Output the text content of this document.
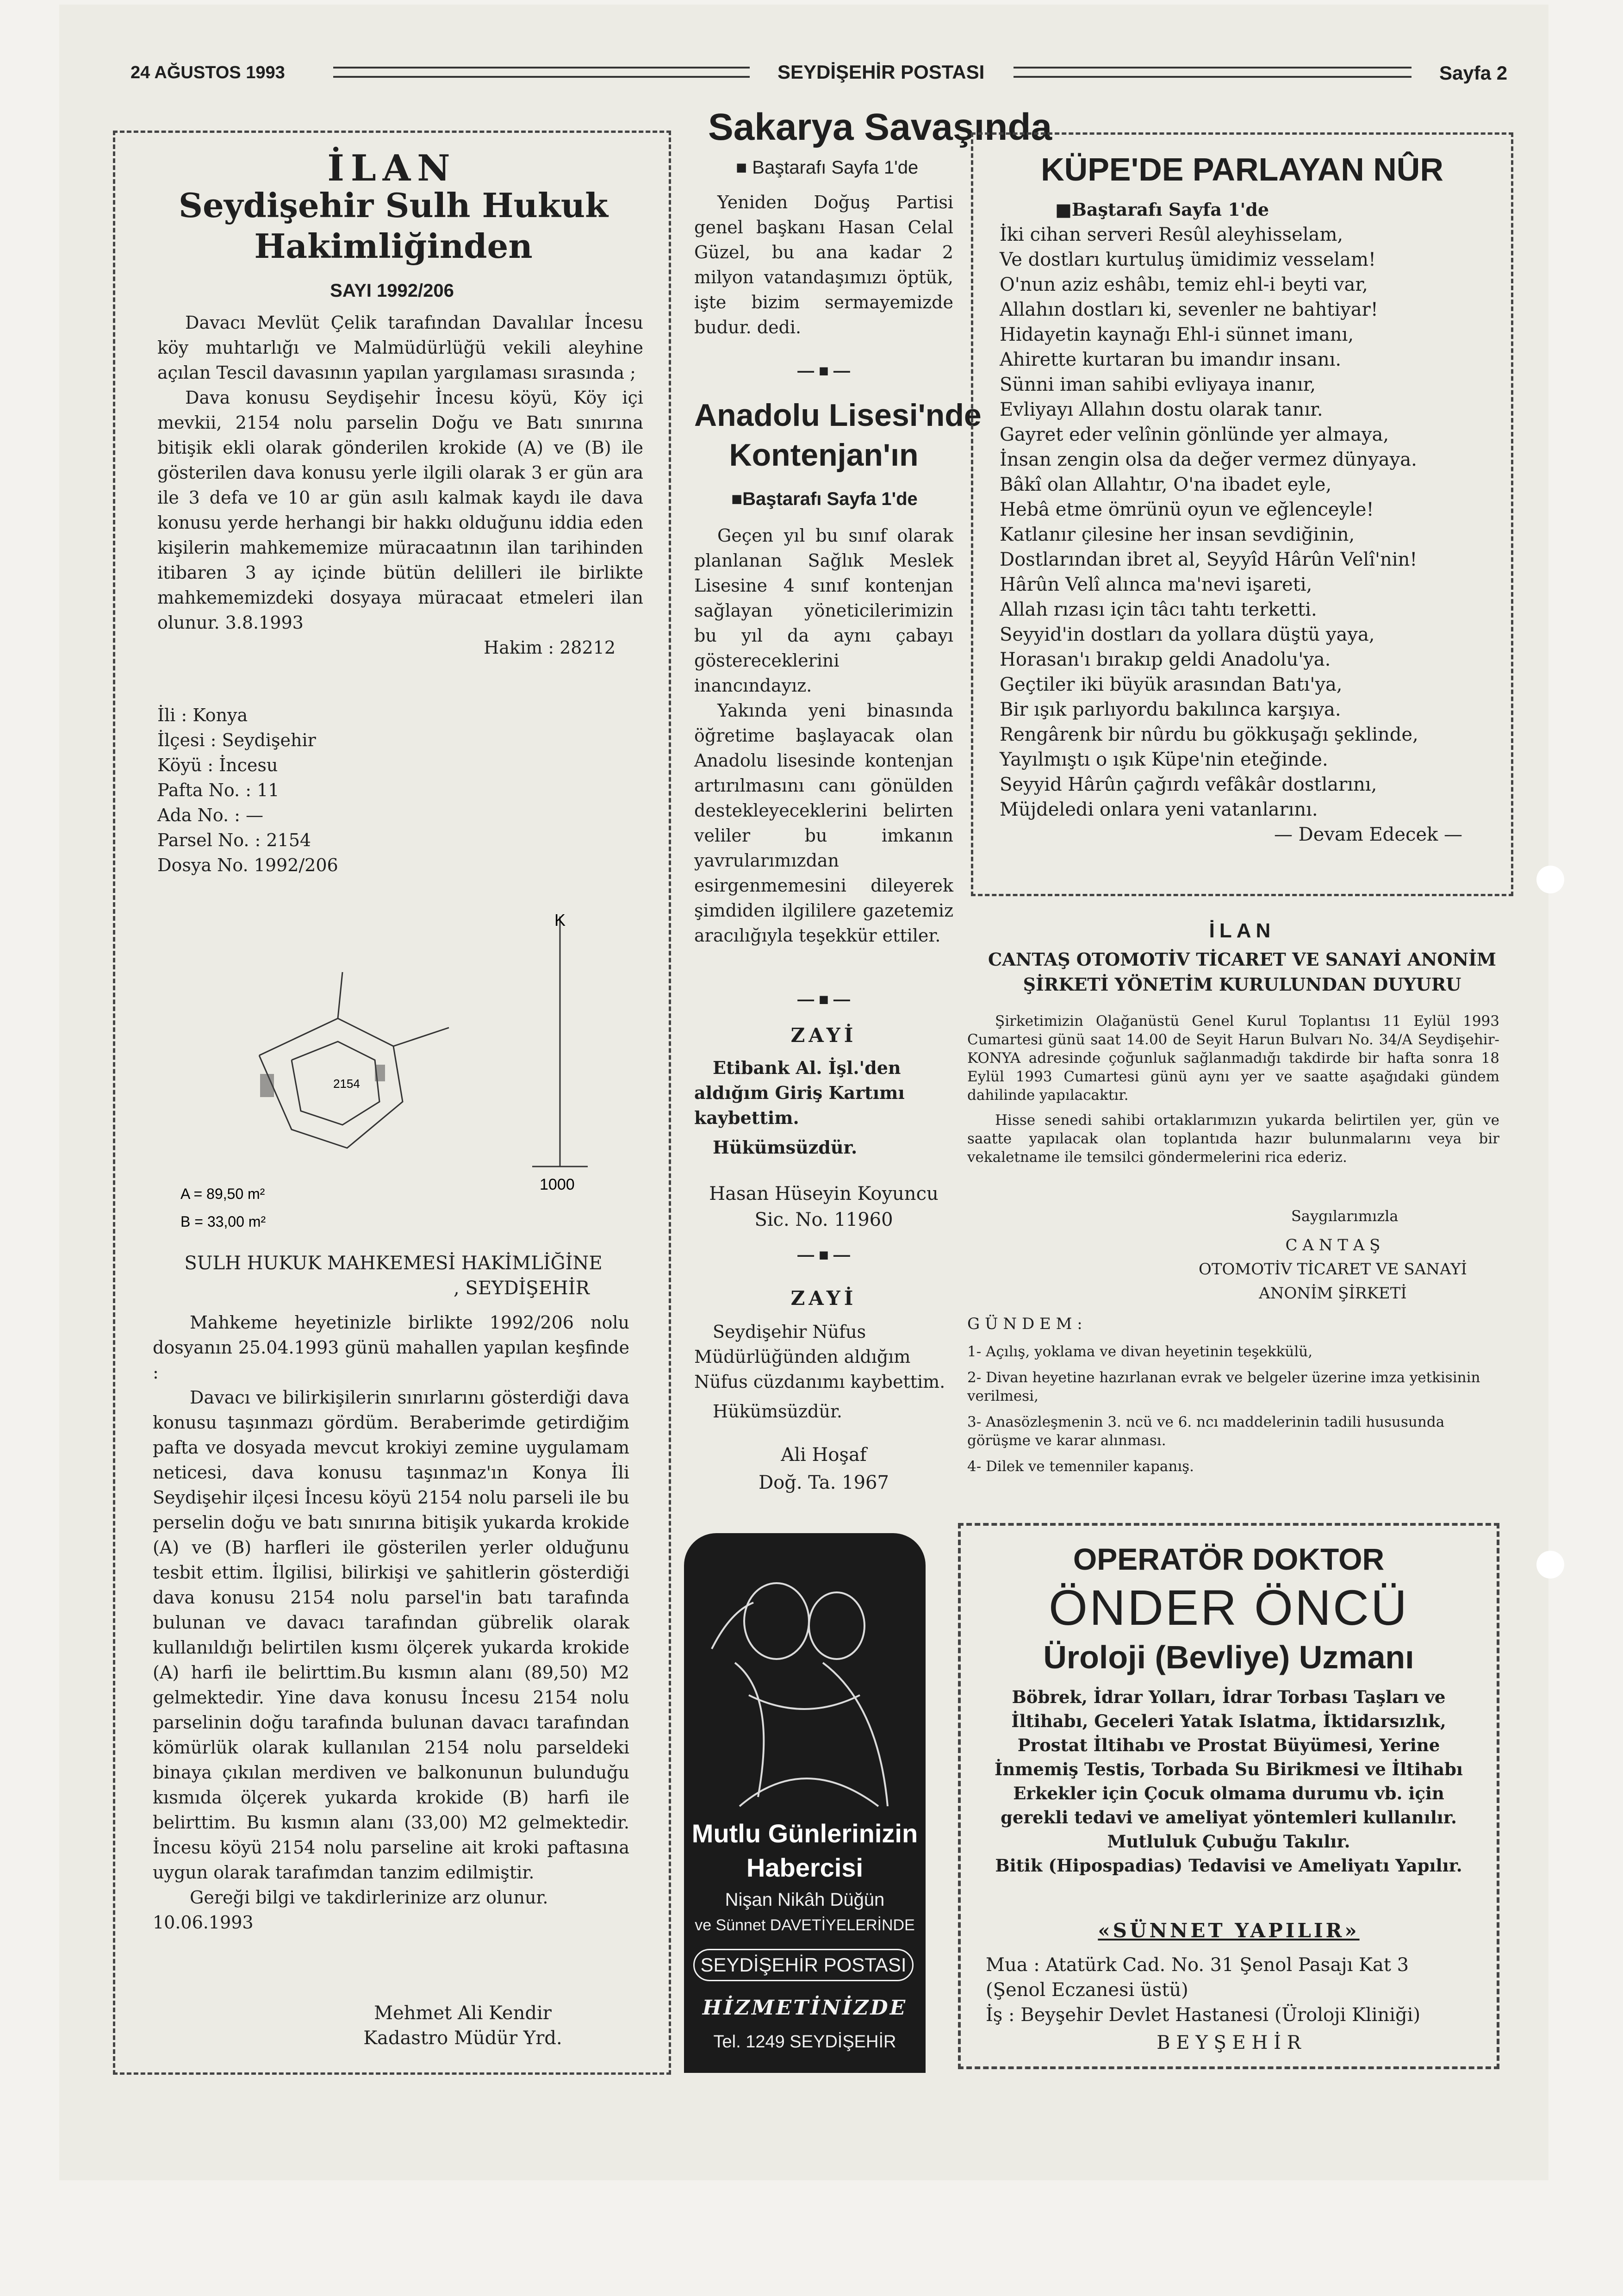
24 AĞUSTOS 1993	SEYDİŞEHİR POSTASI	Sayfa 2
İLAN
Seydişehir Sulh Hukuk Hakimliğinden
SAYI 1992/206

Davacı Mevlüt Çelik tarafından Davalılar İncesu köy muhtarlığı ve Malmüdürlüğü vekili aleyhine açılan Tescil davasının yapılan yargılaması sırasında ;

Dava konusu Seydişehir İncesu köyü, Köy içi mevkii, 2154 nolu parselin Doğu ve Batı sınırına bitişik ekli olarak gönderilen krokide (A) ve (B) ile gösterilen dava konusu yerle ilgili olarak 3 er gün ara ile 3 defa ve 10 ar gün asılı kalmak kaydı ile dava konusu yerde herhangi bir hakkı olduğunu iddia eden kişilerin mahkememize müracaatının ilan tarihinden itibaren 3 ay içinde bütün delilleri ile birlikte mahkememizdeki dosyaya müracaat etmeleri ilan olunur. 3.8.1993

Hakim : 28212

İli : Konya

İlçesi : Seydişehir

Köyü : İncesu

Pafta No. : 11

Ada No. : —

Parsel No. : 2154

Dosya No. 1992/206

K
2154
1000
A = 89,50 m²
B = 33,00 m²
SULH HUKUK MAHKEMESİ HAKİMLİĞİNE
, SEYDİŞEHİR

Mahkeme heyetinizle birlikte 1992/206 nolu dosyanın 25.04.1993 günü mahallen yapılan keşfinde :

Davacı ve bilirkişilerin sınırlarını gösterdiği dava konusu taşınmazı gördüm. Beraberimde getirdiğim pafta ve dosyada mevcut krokiyi zemine uygulamam neticesi, dava konusu taşınmaz'ın Konya İli Seydişehir ilçesi İncesu köyü 2154 nolu parseli ile bu perselin doğu ve batı sınırına bitişik yukarda krokide (A) ve (B) harfleri ile gösterilen yerler olduğunu tesbit ettim. İlgilisi, bilirkişi ve şahitlerin gösterdiği dava konusu 2154 nolu parsel'in batı tarafında bulunan ve davacı tarafından gübrelik olarak kullanıldığı belirtilen kısmı ölçerek yukarda krokide (A) harfi ile belirttim.Bu kısmın alanı (89,50) M2 gelmektedir. Yine dava konusu İncesu 2154 nolu parselinin doğu tarafında bulunan davacı tarafından kömürlük olarak kullanılan 2154 nolu parseldeki binaya çıkılan merdiven ve balkonunun bulunduğu kısmıda ölçerek yukarda krokide (B) harfi ile belirttim. Bu kısmın alanı (33,00) M2 gelmektedir. İncesu köyü 2154 nolu parseline ait kroki paftasına uygun olarak tarafımdan tanzim edilmiştir.

Gereği bilgi ve takdirlerinize arz olunur.

10.06.1993

Mehmet Ali Kendir
Kadastro Müdür Yrd.
Sakarya Savaşında
■ Baştarafı Sayfa 1'de

Yeniden Doğuş Partisi genel başkanı Hasan Celal Güzel, bu ana kadar 2 milyon vatandaşımızı öptük, işte bizim sermayemizde budur. dedi.

— ■ —
Anadolu Lisesi'nde
Kontenjan'ın
■Baştarafı Sayfa 1'de

Geçen yıl bu sınıf olarak planlanan Sağlık Meslek Lisesine 4 sınıf kontenjan sağlayan yöneticilerimizin bu yıl da aynı çabayı göstereceklerini inancındayız.

Yakında yeni binasında öğretime başlayacak olan Anadolu lisesinde kontenjan artırılmasını canı gönülden destekleyeceklerini belirten veliler bu imkanın yavrularımızdan esirgenmemesini dileyerek şimdiden ilgililere gazetemiz aracılığıyla teşekkür ettiler.

— ■ —
ZAYİ

Etibank Al. İşl.'den aldığım Giriş Kartımı kaybettim.

Hükümsüzdür.

Hasan Hüseyin Koyuncu
Sic. No. 11960
— ■ —
ZAYİ

Seydişehir Nüfus Müdürlüğünden aldığım Nüfus cüzdanımı kaybettim.

Hükümsüzdür.

Ali Hoşaf
Doğ. Ta. 1967
Mutlu Günlerinizin
Habercisi
Nişan Nikâh Düğün
ve Sünnet DAVETİYELERİNDE
SEYDİŞEHİR POSTASI
HİZMETİNİZDE
Tel. 1249 SEYDİŞEHİR
KÜPE'DE PARLAYAN NÛR
■Baştarafı Sayfa 1'de

İki cihan serveri Resûl aleyhisselam,

Ve dostları kurtuluş ümidimiz vesselam!

O'nun aziz eshâbı, temiz ehl-i beyti var,

Allahın dostları ki, sevenler ne bahtiyar!

Hidayetin kaynağı Ehl-i sünnet imanı,

Ahirette kurtaran bu imandır insanı.

Sünni iman sahibi evliyaya inanır,

Evliyayı Allahın dostu olarak tanır.

Gayret eder velînin gönlünde yer almaya,

İnsan zengin olsa da değer vermez dünyaya.

Bâkî olan Allahtır, O'na ibadet eyle,

Hebâ etme ömrünü oyun ve eğlenceyle!

Katlanır çilesine her insan sevdiğinin,

Dostlarından ibret al, Seyyîd Hârûn Velî'nin!

Hârûn Velî alınca ma'nevi işareti,

Allah rızası için tâcı tahtı terketti.

Seyyid'in dostları da yollara düştü yaya,

Horasan'ı bırakıp geldi Anadolu'ya.

Geçtiler iki büyük arasından Batı'ya,

Bir ışık parlıyordu bakılınca karşıya.

Rengârenk bir nûrdu bu gökkuşağı şeklinde,

Yayılmıştı o ışık Küpe'nin eteğinde.

Seyyid Hârûn çağırdı vefâkâr dostlarını,

Müjdeledi onlara yeni vatanlarını.

— Devam Edecek —

İLAN
CANTAŞ OTOMOTİV TİCARET VE SANAYİ ANONİM
ŞİRKETİ YÖNETİM KURULUNDAN DUYURU

Şirketimizin Olağanüstü Genel Kurul Toplantısı 11 Eylül 1993 Cumartesi günü saat 14.00 de Seyit Harun Bulvarı No. 34/A Seydişehir-KONYA adresinde çoğunluk sağlanmadığı takdirde bir hafta sonra 18 Eylül 1993 Cumartesi günü aynı yer ve saatte aşağıdaki gündem dahilinde yapılacaktır.

Hisse senedi sahibi ortaklarımızın yukarda belirtilen yer, gün ve saatte yapılacak olan toplantıda hazır bulunmalarını veya bir vekaletname ile temsilci göndermelerini rica ederiz.

Saygılarımızla
C A N T A Ş
OTOMOTİV TİCARET VE SANAYİ
ANONİM ŞİRKETİ
G Ü N D E M :
1- Açılış, yoklama ve divan heyetinin teşekkülü,
2- Divan heyetine hazırlanan evrak ve belgeler üzerine imza yetkisinin verilmesi,
3- Anasözleşmenin 3. ncü ve 6. ncı maddelerinin tadili hususunda görüşme ve karar alınması.
4- Dilek ve temenniler kapanış.
OPERATÖR DOKTOR
ÖNDER ÖNCÜ
Üroloji (Bevliye) Uzmanı

Böbrek, İdrar Yolları, İdrar Torbası Taşları ve İltihabı, Geceleri Yatak Islatma, İktidarsızlık, Prostat İltihabı ve Prostat Büyümesi, Yerine İnmemiş Testis, Torbada Su Birikmesi ve İltihabı Erkekler için Çocuk olmama durumu vb. için gerekli tedavi ve ameliyat yöntemleri kullanılır. Mutluluk Çubuğu Takılır.

Bitik (Hipospadias) Tedavisi ve Ameliyatı Yapılır.

«SÜNNET YAPILIR»
Mua : Atatürk Cad. No. 31 Şenol Pasajı Kat 3
(Şenol Eczanesi üstü)
İş : Beyşehir Devlet Hastanesi (Üroloji Kliniği)
B E Y Ş E H İ R
